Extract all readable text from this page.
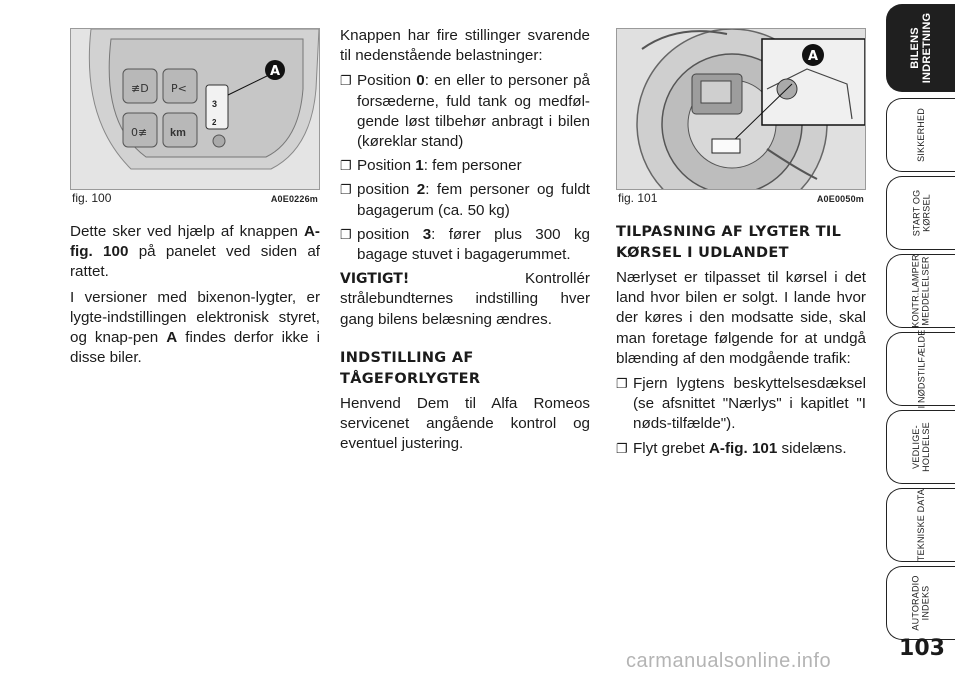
≢D P<
0≢ km
3
2
A
fig. 100	A0E0226m

Dette sker ved hjælp af knappen A-fig. 100 på panelet ved siden af rattet.

I versioner med bixenon-lygter, er lygte-indstillingen elektronisk styret, og knap-pen A findes derfor ikke i disse biler.

Knappen har fire stillinger svarende til nedenstående belastninger:

❐ Position 0: en eller to personer på forsæderne, fuld tank og medføl-gende løst tilbehør anbragt i bilen (køreklar stand)
❐ Position 1: fem personer
❐ position 2: fem personer og fuldt bagagerum (ca. 50 kg)
❐ position 3: fører plus 300 kg bagage stuvet i bagagerummet.

VIGTIGT! Kontrollér strålebundternes indstilling hver gang bilens belæsning ændres.

INDSTILLING AF TÅGEFORLYGTER

Henvend Dem til Alfa Romeos servicenet angående kontrol og eventuel justering.

A
fig. 101	A0E0050m
TILPASNING AF LYGTER TIL KØRSEL I UDLANDET

Nærlyset er tilpasset til kørsel i det land hvor bilen er solgt. I lande hvor der køres i den modsatte side, skal man foretage følgende for at undgå blænding af den modgående trafik:

❐ Fjern lygtens beskyttelsesdæksel (se afsnittet "Nærlys" i kapitlet "I nøds-tilfælde").
❐ Flyt grebet A-fig. 101 sidelæns.
BILENS
INDRETNING
SIKKERHED
START OG
KØRSEL
KONTR.LAMPER
MEDDELELSER
I NØDSTILFÆLDE
VEDLIGE-
HOLDELSE
TEKNISKE DATA
AUTORADIO
INDEKS
103
carmanualsonline.info
